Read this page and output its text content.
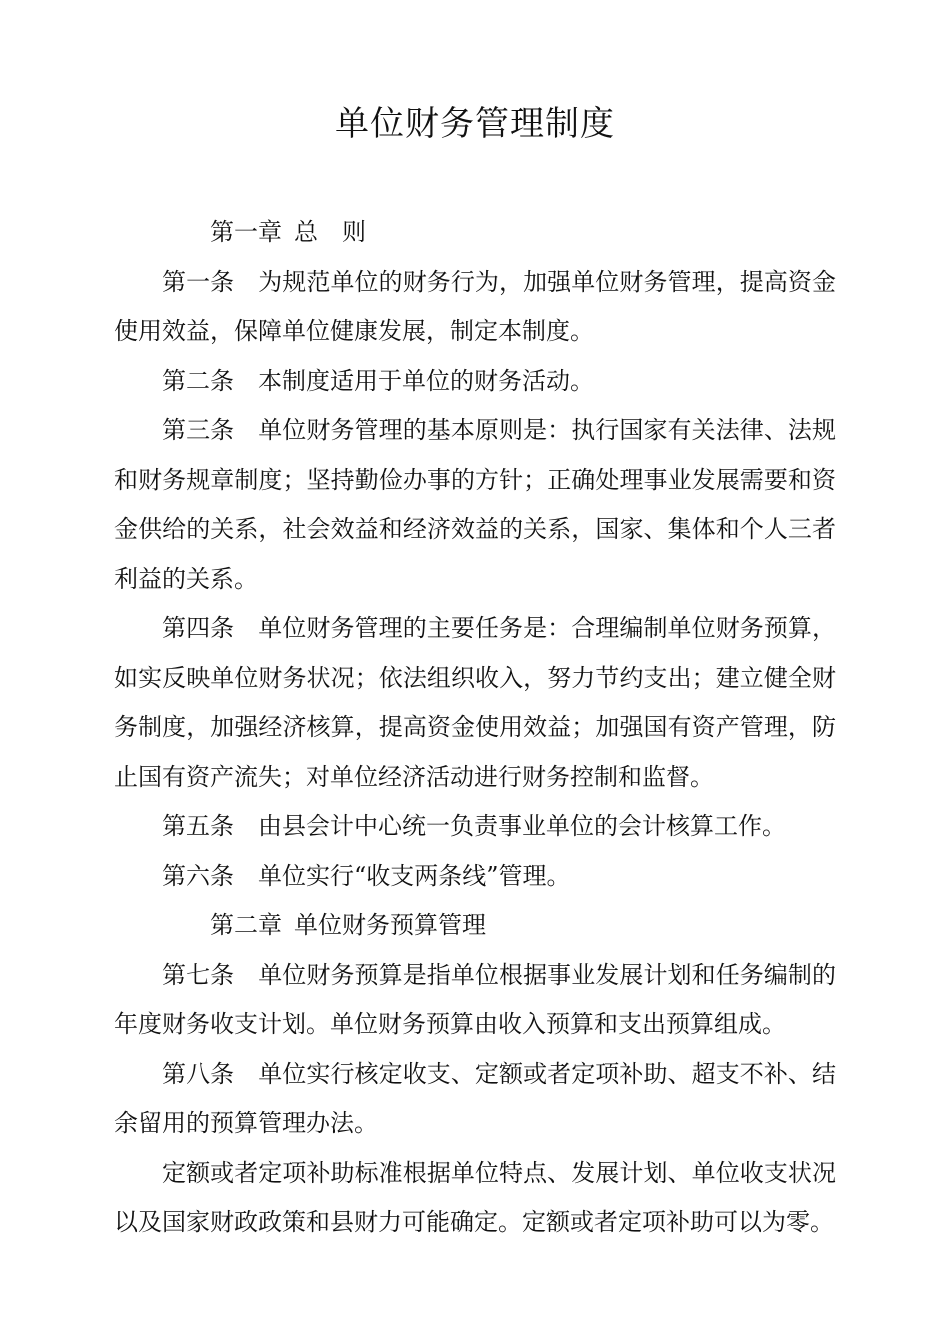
单位财务管理制度

第一章 总　则

第一条 为规范单位的财务行为，加强单位财务管理，提高资金使用效益，保障单位健康发展，制定本制度。

第二条 本制度适用于单位的财务活动。

第三条 单位财务管理的基本原则是：执行国家有关法律、法规和财务规章制度；坚持勤俭办事的方针；正确处理事业发展需要和资金供给的关系，社会效益和经济效益的关系，国家、集体和个人三者利益的关系。

第四条 单位财务管理的主要任务是：合理编制单位财务预算，如实反映单位财务状况；依法组织收入，努力节约支出；建立健全财务制度，加强经济核算，提高资金使用效益；加强国有资产管理，防止国有资产流失；对单位经济活动进行财务控制和监督。

第五条 由县会计中心统一负责事业单位的会计核算工作。

第六条 单位实行“收支两条线”管理。

第二章 单位财务预算管理

第七条 单位财务预算是指单位根据事业发展计划和任务编制的年度财务收支计划。单位财务预算由收入预算和支出预算组成。

第八条 单位实行核定收支、定额或者定项补助、超支不补、结余留用的预算管理办法。

定额或者定项补助标准根据单位特点、发展计划、单位收支状况以及国家财政政策和县财力可能确定。定额或者定项补助可以为零。
